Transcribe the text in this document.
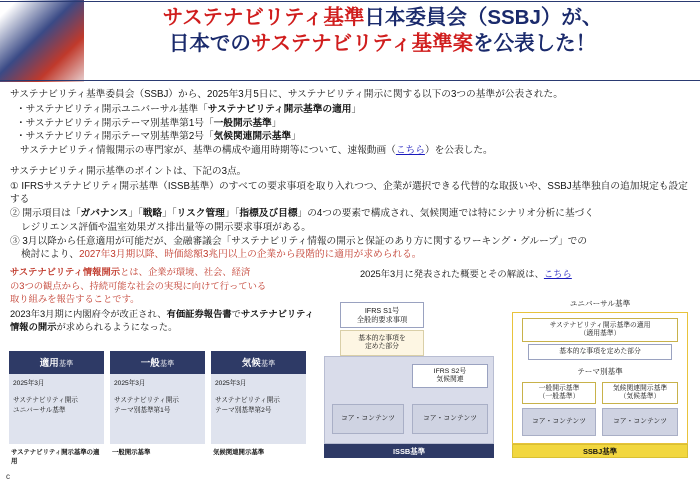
サステナビリティ基準日本委員会（SSBJ）が、
日本でのサステナビリティ基準案を公表した！

サステナビリティ基準委員会（SSBJ）から、2025年3月5日に、サステナビリティ開示に関する以下の3つの基準が公表された。

・サステナビリティ開示ユニバーサル基準「サステナビリティ開示基準の適用」

・サステナビリティ開示テーマ別基準第1号「一般開示基準」

・サステナビリティ開示テーマ別基準第2号「気候関連開示基準」

サステナビリティ情報開示の専門家が、基準の構成や適用時期等について、速報動画（こちら）を公表した。

サステナビリティ開示基準のポイントは、下記の3点。

① IFRSサステナビリティ開示基準（ISSB基準）のすべての要求事項を取り入れつつ、企業が選択できる代替的な取扱いや、SSBJ基準独自の追加規定も設定する

② 開示項目は「ガバナンス」「戦略」「リスク管理」「指標及び目標」の4つの要素で構成され、気候関連では特にシナリオ分析に基づく
レジリエンス評価や温室効果ガス排出量等の開示要求事項がある。

③ 3月以降から任意適用が可能だが、金融審議会「サステナビリティ情報の開示と保証のあり方に関するワーキング・グループ」での
検討により、2027年3月期以降、時価総額3兆円以上の企業から段階的に適用が求められる。

サステナビリティ情報開示とは、企業が環境、社会、経済
の3つの観点から、持続可能な社会の実現に向けて行っている
取り組みを報告することです。

2023年3月期に内閣府令が改正され、有価証券報告書でサステナビリティ情報の開示が求められるようになった。

2025年3月に発表された概要とその解説は、こちら
適用基準
2025年3月
サステナビリティ開示
ユニバーサル基準
サステナビリティ開示基準の適用
一般基準
2025年3月
サステナビリティ開示
テーマ別基準第1号
一般開示基準
気候基準
2025年3月
サステナビリティ開示
テーマ別基準第2号
気候関連開示基準	ISSB基準
IFRS S1号
全般的要求事項
基本的な事項を
定めた部分
IFRS S2号
気候関連
コア・コンテンツ	コア・コンテンツ
SSBJ基準
ユニバーサル基準
サステナビリティ開示基準の適用
（適用基準）
基本的な事項を定めた部分
テーマ別基準
一般開示基準
（一般基準）
気候関連開示基準
（気候基準）
コア・コンテンツ	コア・コンテンツ
c
